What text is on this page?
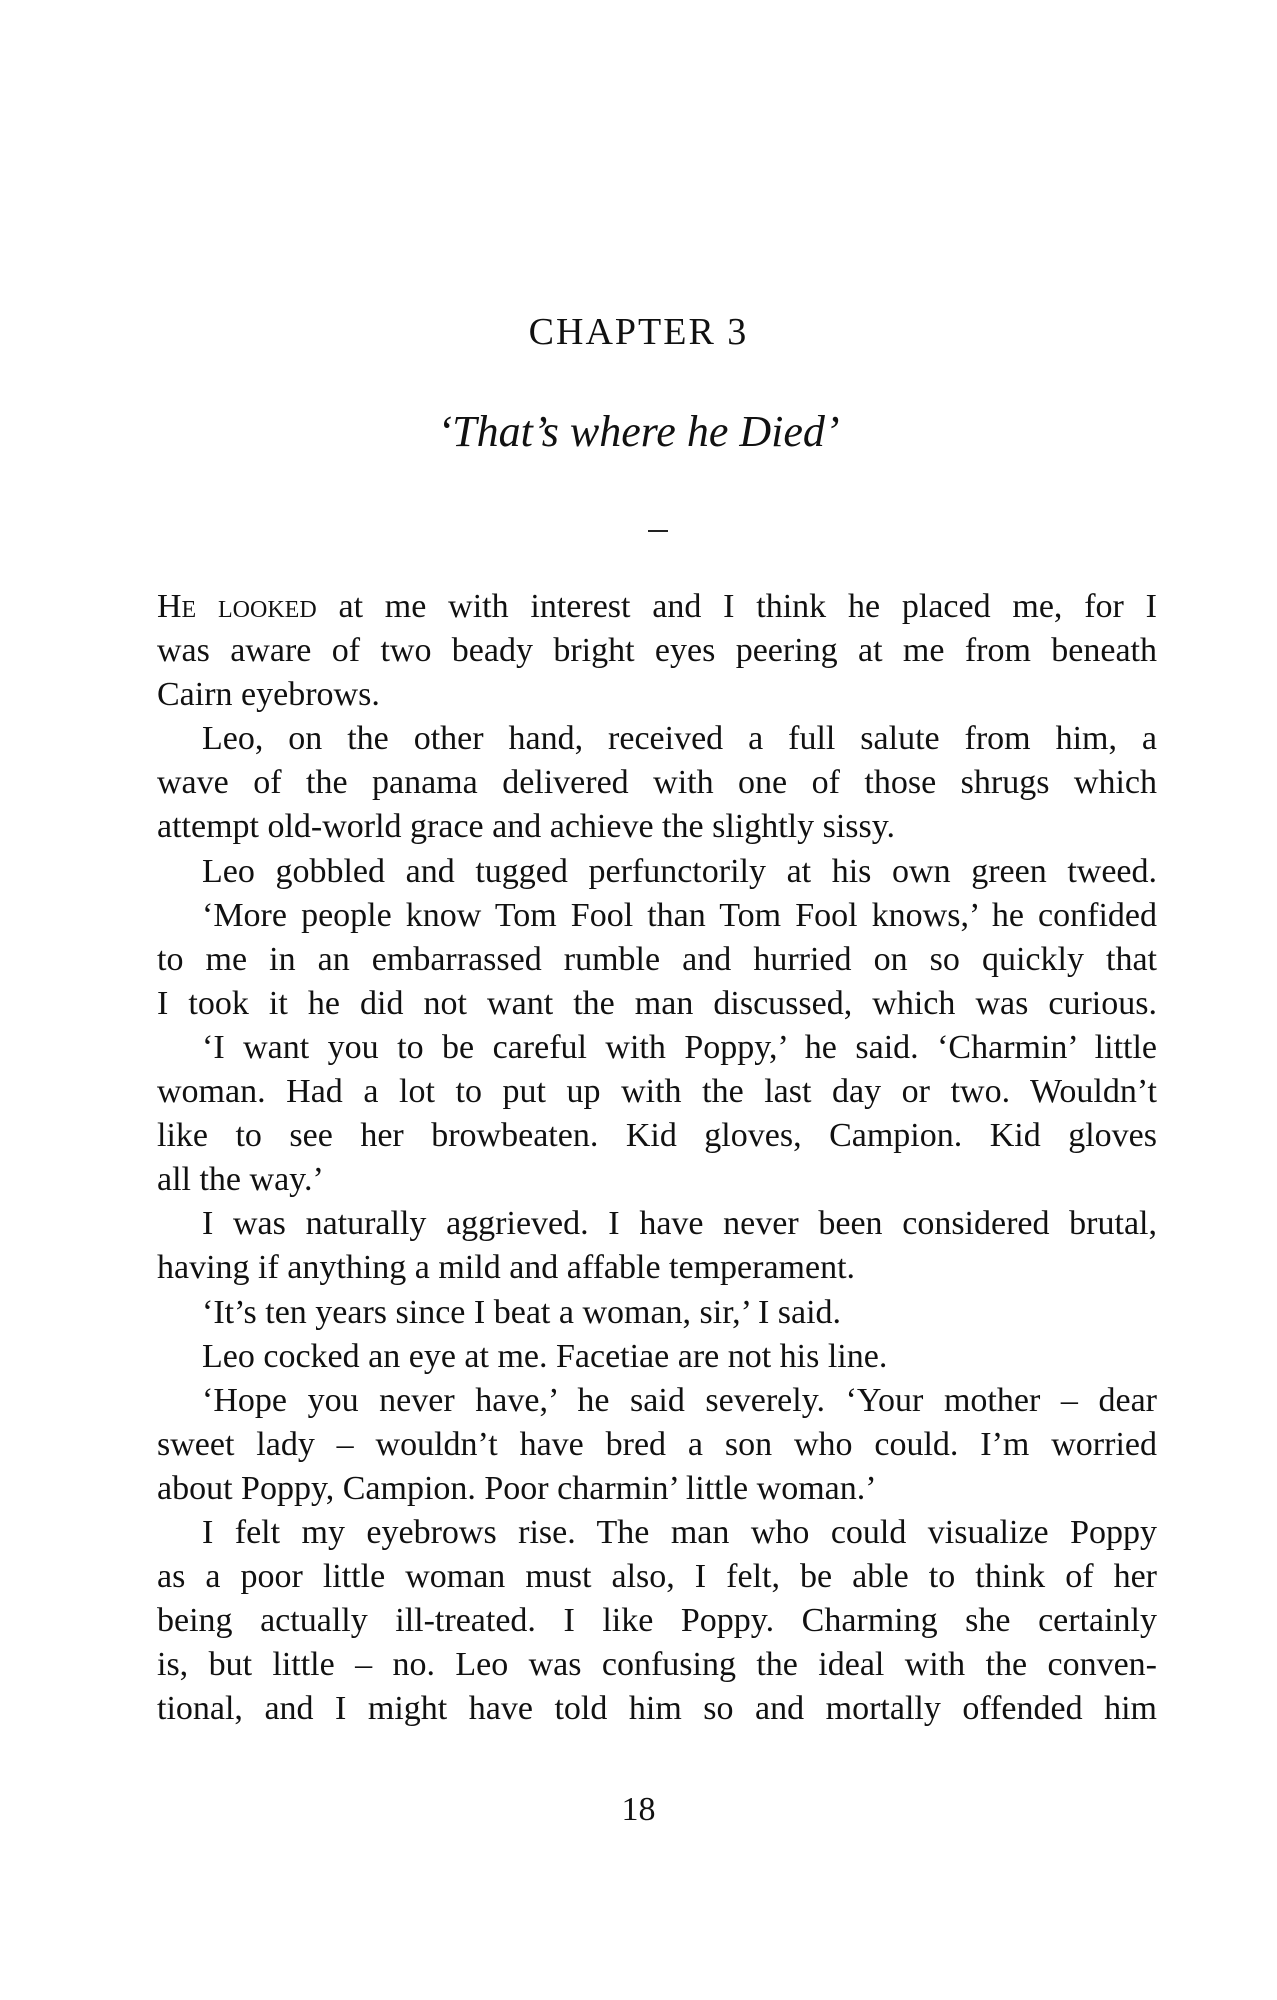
CHAPTER 3
‘That’s where he Died’
He looked at me with interest and I think he placed me, for I
was aware of two beady bright eyes peering at me from beneath
Cairn eyebrows.
Leo, on the other hand, received a full salute from him, a
wave of the panama delivered with one of those shrugs which
attempt old-world grace and achieve the slightly sissy.
Leo gobbled and tugged perfunctorily at his own green tweed.
‘More people know Tom Fool than Tom Fool knows,’ he confided
to me in an embarrassed rumble and hurried on so quickly that
I took it he did not want the man discussed, which was curious.
‘I want you to be careful with Poppy,’ he said. ‘Charmin’ little
woman. Had a lot to put up with the last day or two. Wouldn’t
like to see her browbeaten. Kid gloves, Campion. Kid gloves
all the way.’
I was naturally aggrieved. I have never been considered brutal,
having if anything a mild and affable temperament.
‘It’s ten years since I beat a woman, sir,’ I said.
Leo cocked an eye at me. Facetiae are not his line.
‘Hope you never have,’ he said severely. ‘Your mother – dear
sweet lady – wouldn’t have bred a son who could. I’m worried
about Poppy, Campion. Poor charmin’ little woman.’
I felt my eyebrows rise. The man who could visualize Poppy
as a poor little woman must also, I felt, be able to think of her
being actually ill-treated. I like Poppy. Charming she certainly
is, but little – no. Leo was confusing the ideal with the conven-
tional, and I might have told him so and mortally offended him
18
